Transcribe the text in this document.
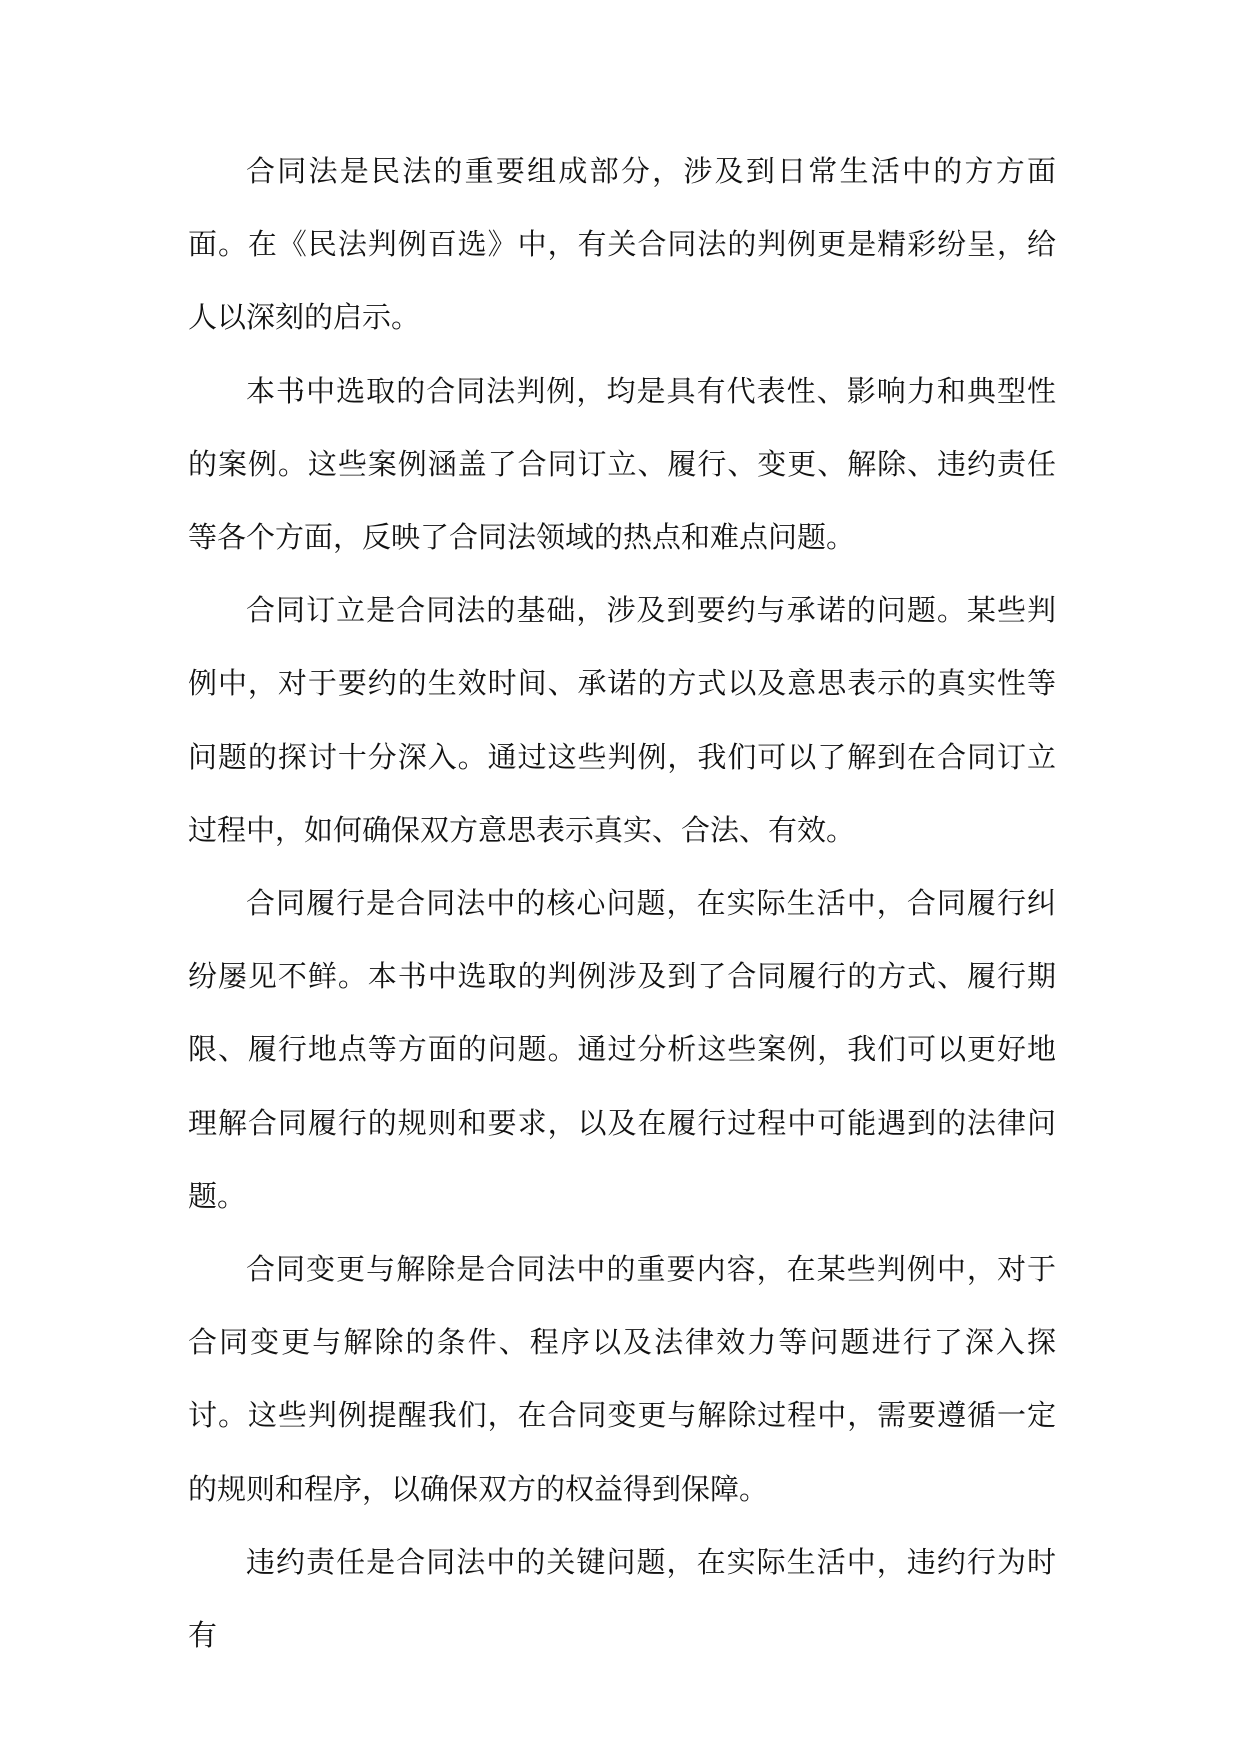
合同法是民法的重要组成部分，涉及到日常生活中的方方面面。在《民法判例百选》中，有关合同法的判例更是精彩纷呈，给人以深刻的启示。

本书中选取的合同法判例，均是具有代表性、影响力和典型性的案例。这些案例涵盖了合同订立、履行、变更、解除、违约责任等各个方面，反映了合同法领域的热点和难点问题。

合同订立是合同法的基础，涉及到要约与承诺的问题。某些判例中，对于要约的生效时间、承诺的方式以及意思表示的真实性等问题的探讨十分深入。通过这些判例，我们可以了解到在合同订立过程中，如何确保双方意思表示真实、合法、有效。

合同履行是合同法中的核心问题，在实际生活中，合同履行纠纷屡见不鲜。本书中选取的判例涉及到了合同履行的方式、履行期限、履行地点等方面的问题。通过分析这些案例，我们可以更好地理解合同履行的规则和要求，以及在履行过程中可能遇到的法律问题。

合同变更与解除是合同法中的重要内容，在某些判例中，对于合同变更与解除的条件、程序以及法律效力等问题进行了深入探讨。这些判例提醒我们，在合同变更与解除过程中，需要遵循一定的规则和程序，以确保双方的权益得到保障。

违约责任是合同法中的关键问题，在实际生活中，违约行为时有
